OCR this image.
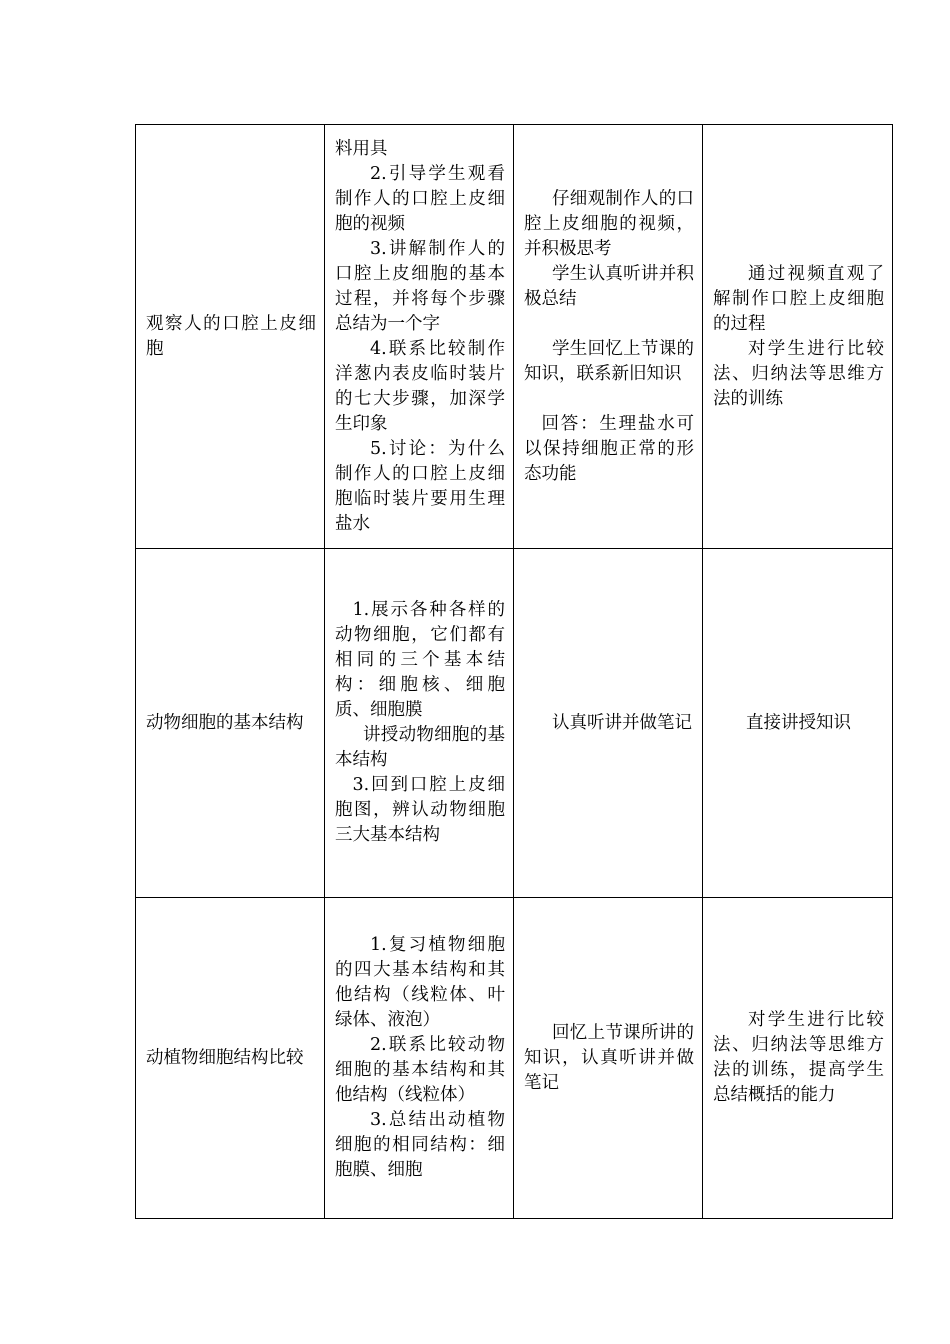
观察人的口腔上皮细胞	料用具
2.引导学生观看制作人的口腔上皮细胞的视频
3.讲解制作人的口腔上皮细胞的基本过程，并将每个步骤总结为一个字
4.联系比较制作洋葱内表皮临时装片的七大步骤，加深学生印象
5.讨论：为什么制作人的口腔上皮细胞临时装片要用生理盐水	仔细观制作人的口腔上皮细胞的视频，并积极思考
学生认真听讲并积极总结
学生回忆上节课的知识，联系新旧知识
回答：生理盐水可以保持细胞正常的形态功能	通过视频直观了解制作口腔上皮细胞的过程
对学生进行比较法、归纳法等思维方法的训练

动物细胞的基本结构	1.展示各种各样的动物细胞，它们都有相同的三个基本结构：细胞核、细胞质、细胞膜
讲授动物细胞的基本结构
3.回到口腔上皮细胞图，辨认动物细胞三大基本结构	认真听讲并做笔记	直接讲授知识

动植物细胞结构比较	1.复习植物细胞的四大基本结构和其他结构（线粒体、叶绿体、液泡）
2.联系比较动物细胞的基本结构和其他结构（线粒体）
3.总结出动植物细胞的相同结构：细胞膜、细胞	回忆上节课所讲的知识，认真听讲并做笔记	对学生进行比较法、归纳法等思维方法的训练，提高学生总结概括的能力
